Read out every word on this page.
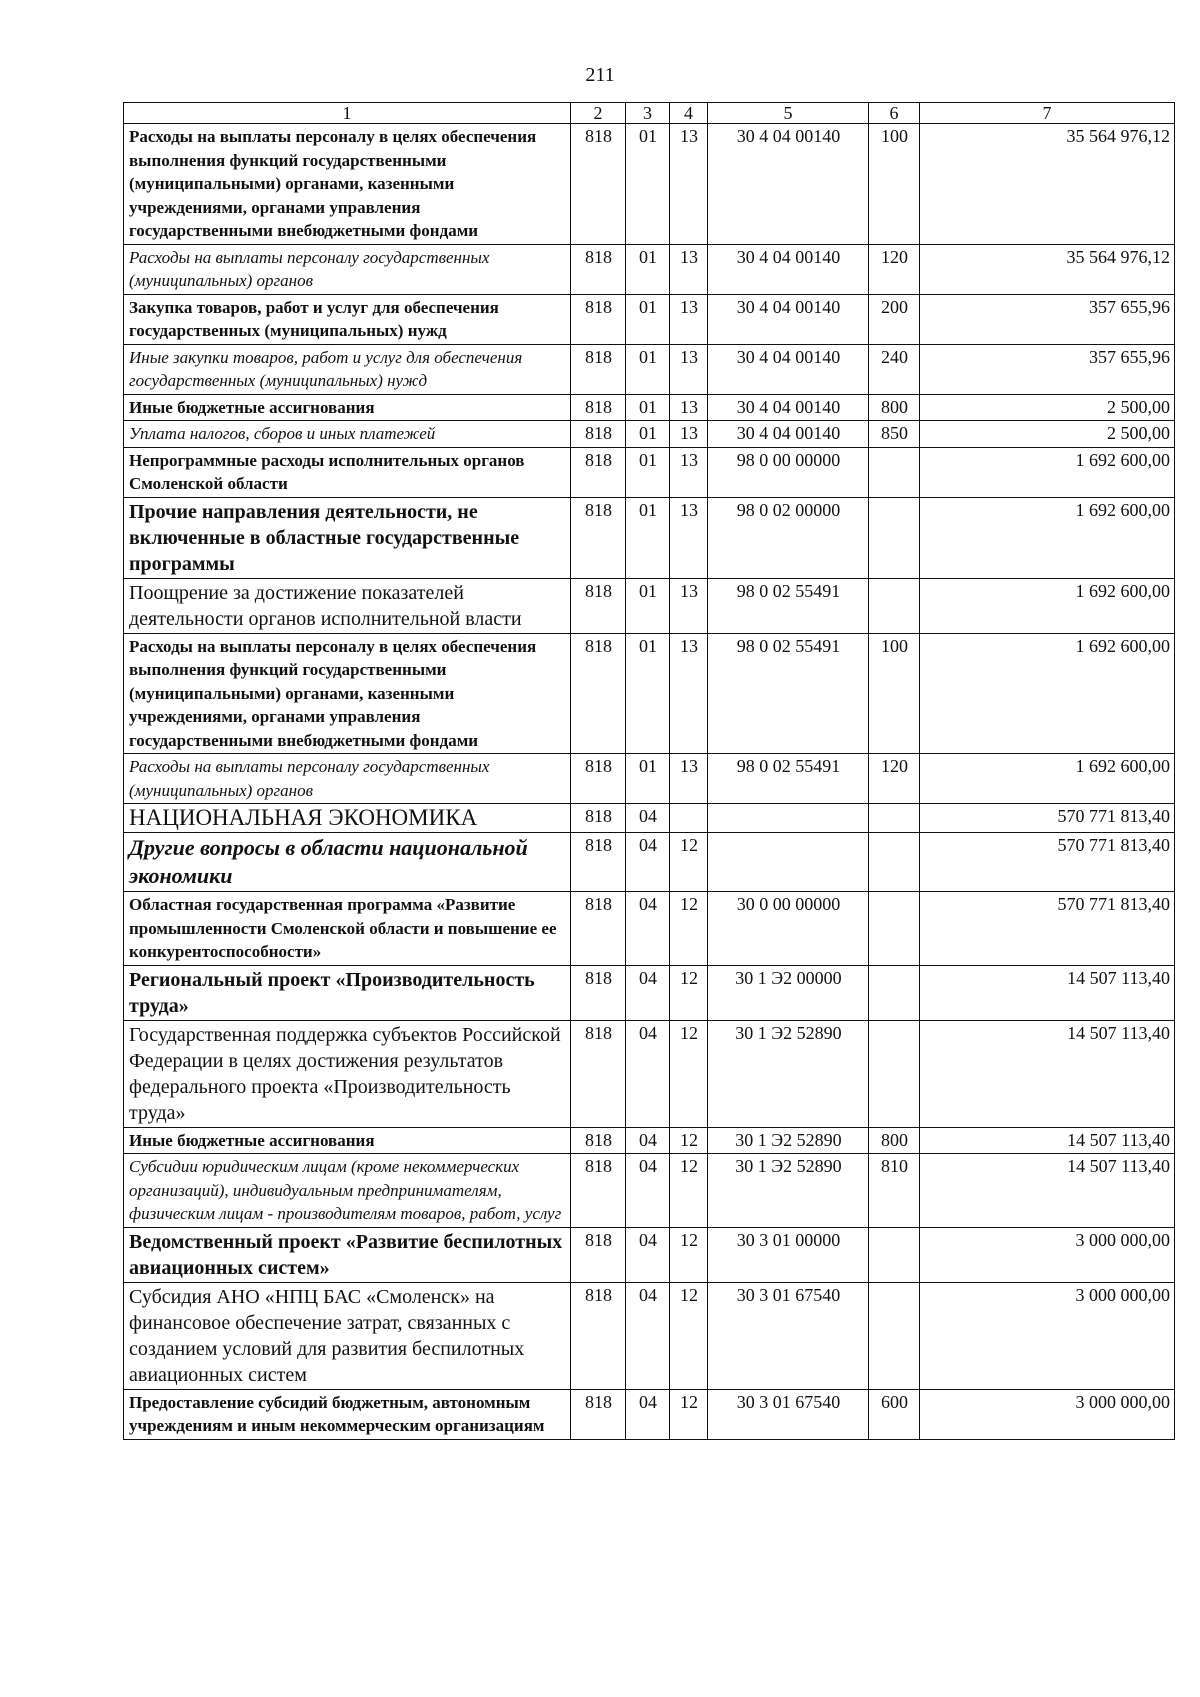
211
1	2	3	4	5	6	7
Расходы на выплаты персоналу в целях обеспечения выполнения функций государственными (муниципальными) органами, казенными учреждениями, органами управления государственными внебюджетными фондами	818	01	13	30 4 04 00140	100	35 564 976,12
Расходы на выплаты персоналу государственных (муниципальных) органов	818	01	13	30 4 04 00140	120	35 564 976,12
Закупка товаров, работ и услуг для обеспечения государственных (муниципальных) нужд	818	01	13	30 4 04 00140	200	357 655,96
Иные закупки товаров, работ и услуг для обеспечения государственных (муниципальных) нужд	818	01	13	30 4 04 00140	240	357 655,96
Иные бюджетные ассигнования	818	01	13	30 4 04 00140	800	2 500,00
Уплата налогов, сборов и иных платежей	818	01	13	30 4 04 00140	850	2 500,00
Непрограммные расходы исполнительных органов Смоленской области	818	01	13	98 0 00 00000		1 692 600,00
Прочие направления деятельности, не включенные в областные государственные программы	818	01	13	98 0 02 00000		1 692 600,00
Поощрение за достижение показателей деятельности органов исполнительной власти	818	01	13	98 0 02 55491		1 692 600,00
Расходы на выплаты персоналу в целях обеспечения выполнения функций государственными (муниципальными) органами, казенными учреждениями, органами управления государственными внебюджетными фондами	818	01	13	98 0 02 55491	100	1 692 600,00
Расходы на выплаты персоналу государственных (муниципальных) органов	818	01	13	98 0 02 55491	120	1 692 600,00
НАЦИОНАЛЬНАЯ ЭКОНОМИКА	818	04				570 771 813,40
Другие вопросы в области национальной экономики	818	04	12			570 771 813,40
Областная государственная программа «Развитие промышленности Смоленской области и повышение ее конкурентоспособности»	818	04	12	30 0 00 00000		570 771 813,40
Региональный проект «Производительность труда»	818	04	12	30 1 Э2 00000		14 507 113,40
Государственная поддержка субъектов Российской Федерации в целях достижения результатов федерального проекта «Производительность труда»	818	04	12	30 1 Э2 52890		14 507 113,40
Иные бюджетные ассигнования	818	04	12	30 1 Э2 52890	800	14 507 113,40
Субсидии юридическим лицам (кроме некоммерческих организаций), индивидуальным предпринимателям, физическим лицам - производителям товаров, работ, услуг	818	04	12	30 1 Э2 52890	810	14 507 113,40
Ведомственный проект «Развитие беспилотных авиационных систем»	818	04	12	30 3 01 00000		3 000 000,00
Субсидия АНО «НПЦ БАС «Смоленск» на финансовое обеспечение затрат, связанных с созданием условий для развития беспилотных авиационных систем	818	04	12	30 3 01 67540		3 000 000,00
Предоставление субсидий бюджетным, автономным учреждениям и иным некоммерческим организациям	818	04	12	30 3 01 67540	600	3 000 000,00
